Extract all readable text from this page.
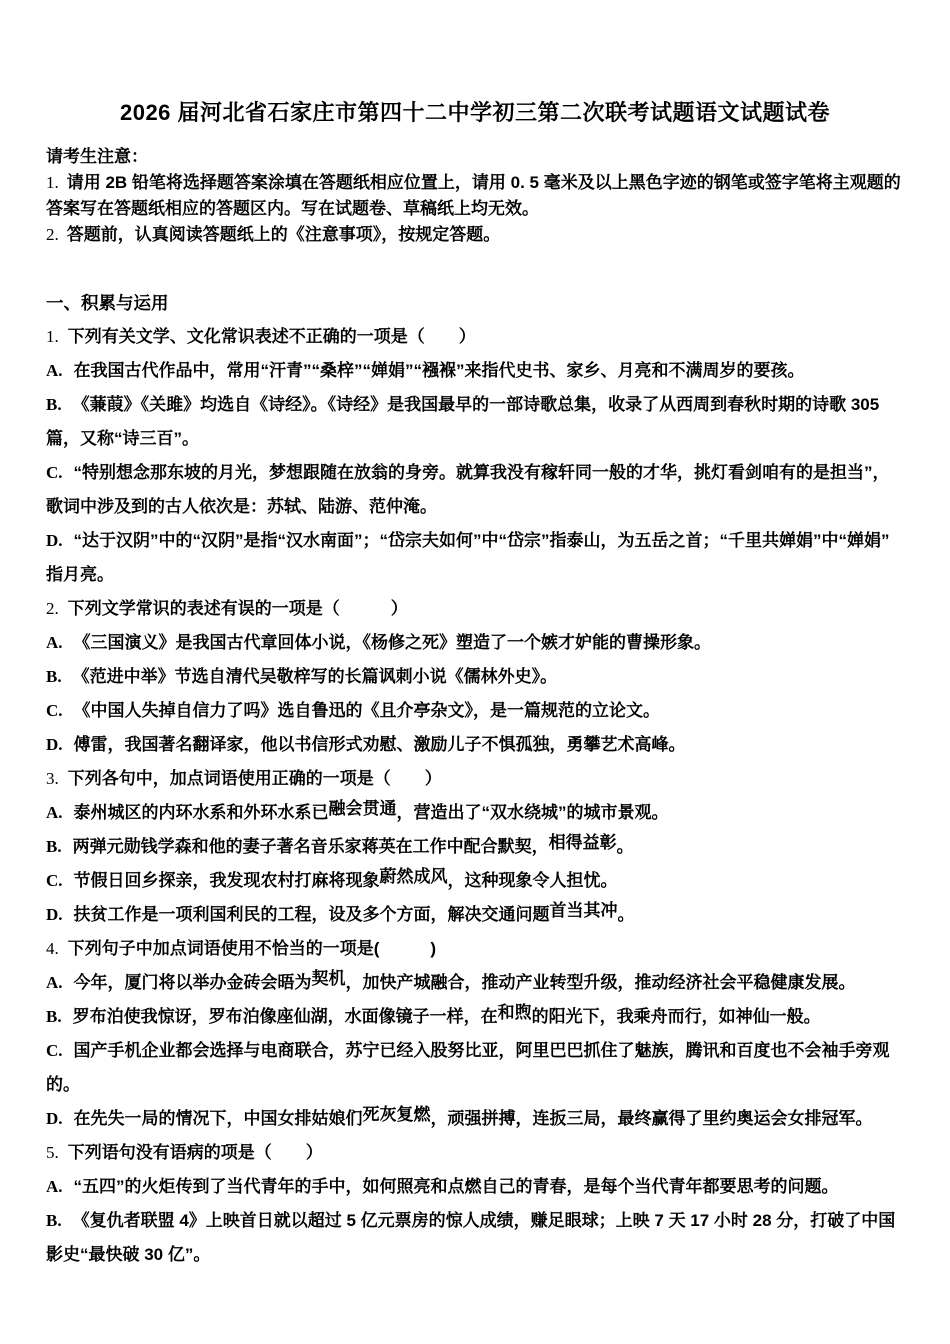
2026 届河北省石家庄市第四十二中学初三第二次联考试题语文试题试卷

请考生注意：

1. 请用 2B 铅笔将选择题答案涂填在答题纸相应位置上，请用 0. 5 毫米及以上黑色字迹的钢笔或签字笔将主观题的答案写在答题纸相应的答题区内。写在试题卷、草稿纸上均无效。

2. 答题前，认真阅读答题纸上的《注意事项》，按规定答题。

一、积累与运用

1. 下列有关文学、文化常识表述不正确的一项是（　　）

A. 在我国古代作品中，常用“汗青”“桑梓”“婵娟”“襁褓”来指代史书、家乡、月亮和不满周岁的要孩。

B. 《蒹葭》《关雎》均选自《诗经》。《诗经》是我国最早的一部诗歌总集，收录了从西周到春秋时期的诗歌 305 篇，又称“诗三百”。

C. “特别想念那东坡的月光，梦想跟随在放翁的身旁。就算我没有稼轩同一般的才华，挑灯看剑咱有的是担当”，歌词中涉及到的古人依次是：苏轼、陆游、范仲淹。

D. “达于汉阴”中的“汉阴”是指“汉水南面”；“岱宗夫如何”中“岱宗”指泰山，为五岳之首；“千里共婵娟”中“婵娟”指月亮。

2. 下列文学常识的表述有误的一项是（　　　）

A. 《三国演义》是我国古代章回体小说，《杨修之死》塑造了一个嫉才妒能的曹操形象。

B. 《范进中举》节选自清代吴敬梓写的长篇讽刺小说《儒林外史》。

C. 《中国人失掉自信力了吗》选自鲁迅的《且介亭杂文》，是一篇规范的立论文。

D. 傅雷，我国著名翻译家，他以书信形式劝慰、激励儿子不惧孤独，勇攀艺术高峰。

3. 下列各句中，加点词语使用正确的一项是（　　）

A. 泰州城区的内环水系和外环水系已融会贯通，营造出了“双水绕城”的城市景观。

B. 两弹元勋钱学森和他的妻子著名音乐家蒋英在工作中配合默契，相得益彰。

C. 节假日回乡探亲，我发现农村打麻将现象蔚然成风，这种现象令人担忧。

D. 扶贫工作是一项利国利民的工程，设及多个方面，解决交通问题首当其冲。

4. 下列句子中加点词语使用不恰当的一项是(　　　)

A. 今年，厦门将以举办金砖会晤为契机，加快产城融合，推动产业转型升级，推动经济社会平稳健康发展。

B. 罗布泊使我惊讶，罗布泊像座仙湖，水面像镜子一样，在和煦的阳光下，我乘舟而行，如神仙一般。

C. 国产手机企业都会选择与电商联合，苏宁已经入股努比亚，阿里巴巴抓住了魅族，腾讯和百度也不会袖手旁观的。

D. 在先失一局的情况下，中国女排姑娘们死灰复燃，顽强拼搏，连扳三局，最终赢得了里约奥运会女排冠军。

5. 下列语句没有语病的项是（　　）

A. “五四”的火炬传到了当代青年的手中，如何照亮和点燃自己的青春，是每个当代青年都要思考的问题。

B. 《复仇者联盟 4》上映首日就以超过 5 亿元票房的惊人成绩，赚足眼球；上映 7 天 17 小时 28 分，打破了中国影史“最快破 30 亿”。
